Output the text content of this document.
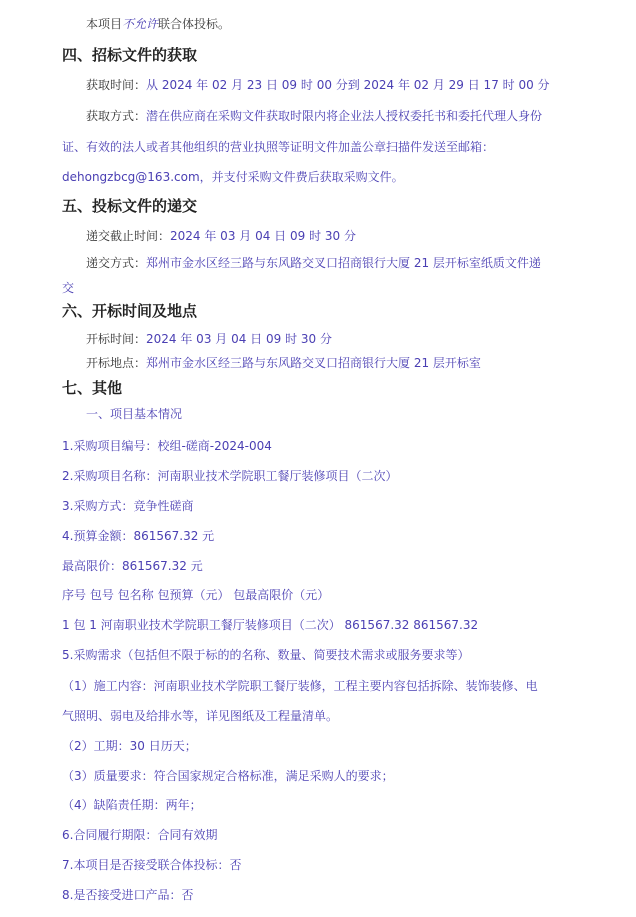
本项目不允许联合体投标。
四、招标文件的获取
获取时间：从 2024 年 02 月 23 日 09 时 00 分到 2024 年 02 月 29 日 17 时 00 分
获取方式：潜在供应商在采购文件获取时限内将企业法人授权委托书和委托代理人身份
证、有效的法人或者其他组织的营业执照等证明文件加盖公章扫描件发送至邮箱：
dehongzbcg@163.com，并支付采购文件费后获取采购文件。
五、投标文件的递交
递交截止时间：2024 年 03 月 04 日 09 时 30 分
递交方式：郑州市金水区经三路与东风路交叉口招商银行大厦 21 层开标室纸质文件递
交
六、开标时间及地点
开标时间：2024 年 03 月 04 日 09 时 30 分
开标地点：郑州市金水区经三路与东风路交叉口招商银行大厦 21 层开标室
七、其他
一、项目基本情况
1.采购项目编号：校组-磋商-2024-004
2.采购项目名称：河南职业技术学院职工餐厅装修项目（二次）
3.采购方式：竞争性磋商
4.预算金额：861567.32 元
最高限价：861567.32 元
序号 包号 包名称 包预算（元） 包最高限价（元）
1 包 1 河南职业技术学院职工餐厅装修项目（二次） 861567.32 861567.32
5.采购需求（包括但不限于标的的名称、数量、简要技术需求或服务要求等）
（1）施工内容：河南职业技术学院职工餐厅装修，工程主要内容包括拆除、装饰装修、电
气照明、弱电及给排水等，详见图纸及工程量清单。
（2）工期：30 日历天；
（3）质量要求：符合国家规定合格标准，满足采购人的要求；
（4）缺陷责任期：两年；
6.合同履行期限：合同有效期
7.本项目是否接受联合体投标：否
8.是否接受进口产品：否
